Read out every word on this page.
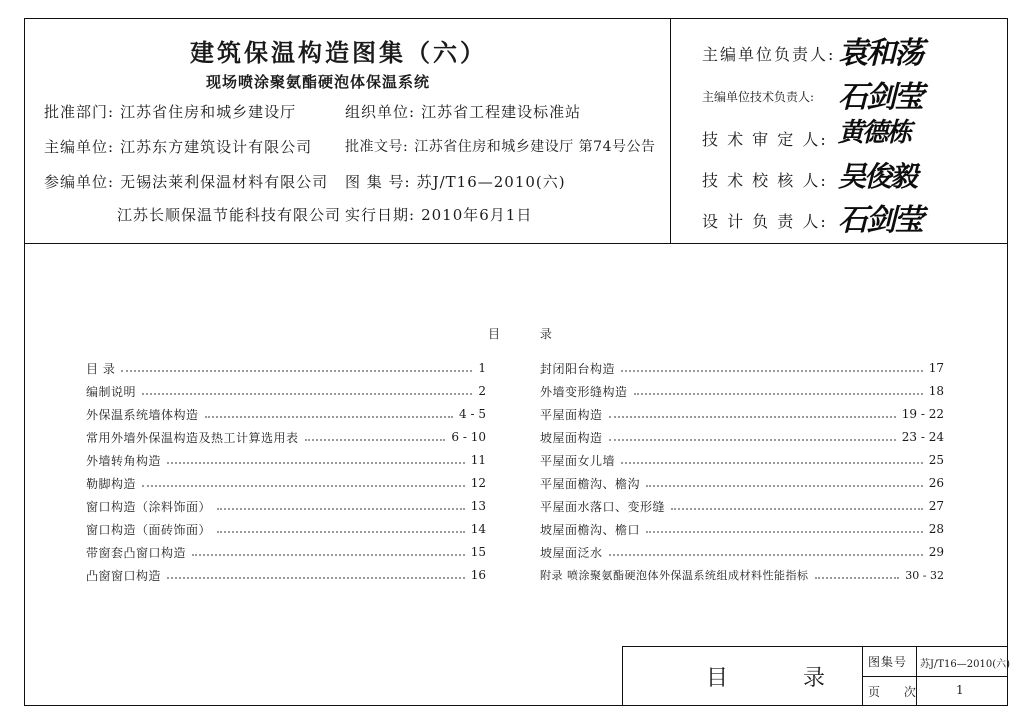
建筑保温构造图集（六）
现场喷涂聚氨酯硬泡体保温系统
批准部门: 江苏省住房和城乡建设厅
主编单位: 江苏东方建筑设计有限公司
参编单位: 无锡法莱利保温材料有限公司
江苏长顺保温节能科技有限公司
组织单位: 江苏省工程建设标准站
批准文号: 江苏省住房和城乡建设厅 第74号公告
图 集 号: 苏J/T16—2010(六)
实行日期: 2010年6月1日
主编单位负责人: 袁和荡
主编单位技术负责人: 石剑莹
技 术 审 定 人: 黄德栋
技 术 校 核 人: 吴俊毅
设 计 负 责 人: 石剑莹
目 录
目 录	1
编制说明	2
外保温系统墙体构造	4 - 5
常用外墙外保温构造及热工计算选用表	6 - 10
外墙转角构造	11
勒脚构造	12
窗口构造（涂料饰面）	13
窗口构造（面砖饰面）	14
带窗套凸窗口构造	15
凸窗窗口构造	16
封闭阳台构造	17
外墙变形缝构造	18
平屋面构造	19 - 22
坡屋面构造	23 - 24
平屋面女儿墙	25
平屋面檐沟、檐沟	26
平屋面水落口、变形缝	27
坡屋面檐沟、檐口	28
坡屋面泛水	29
附录 喷涂聚氨酯硬泡体外保温系统组成材料性能指标	30 - 32
目 录
图集号 苏J/T16—2010(六)
页 次	1
